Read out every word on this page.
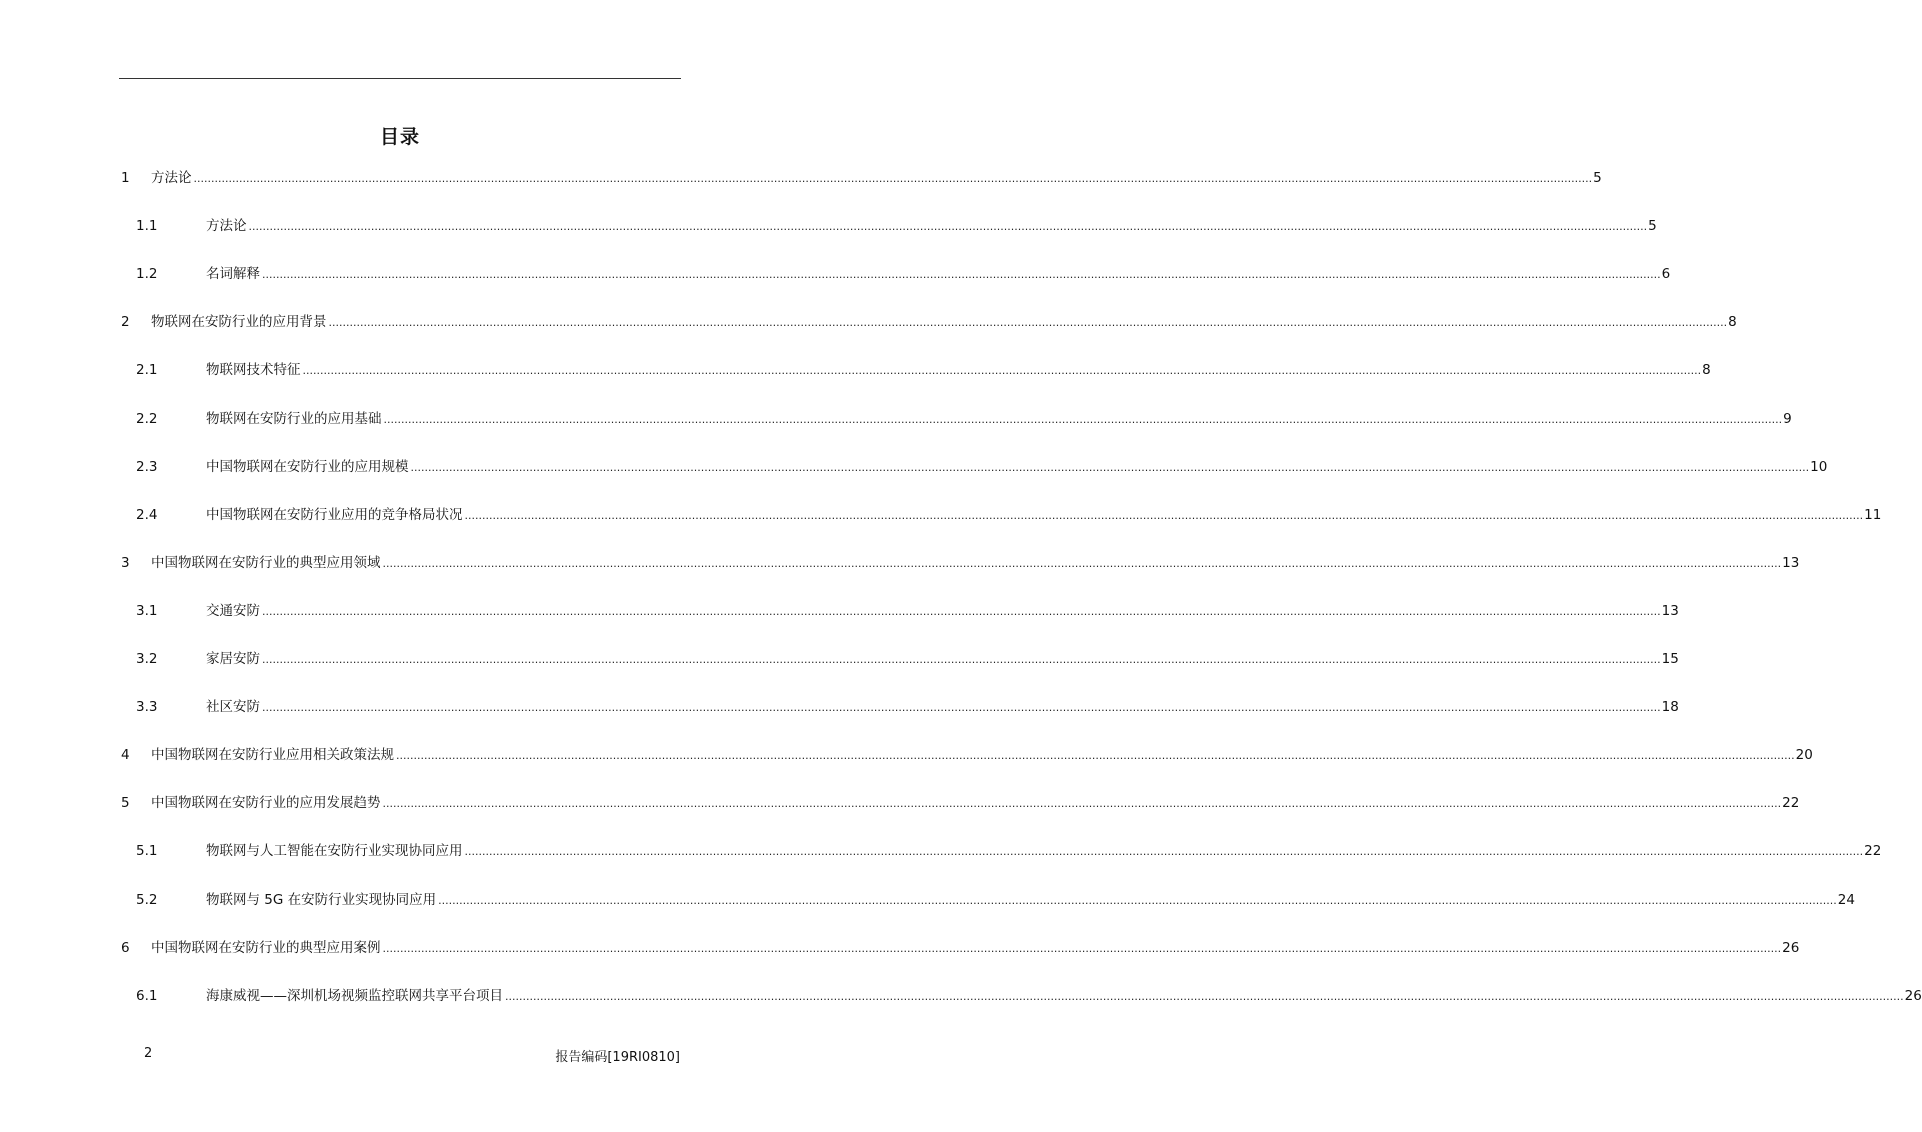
目录
1 方法论 ................................................................................................................................................................................................................................................................................................................................................................................................................ 5
1.1	方法论 ................................................................................................................................................................................................................................................................................................................................................................................................................ 5
1.2	名词解释 ................................................................................................................................................................................................................................................................................................................................................................................................................ 6
2 物联网在安防行业的应用背景 ................................................................................................................................................................................................................................................................................................................................................................................................................ 8
2.1	物联网技术特征 ................................................................................................................................................................................................................................................................................................................................................................................................................ 8
2.2	物联网在安防行业的应用基础 ................................................................................................................................................................................................................................................................................................................................................................................................................ 9
2.3	中国物联网在安防行业的应用规模 ................................................................................................................................................................................................................................................................................................................................................................................................................ 10
2.4	中国物联网在安防行业应用的竞争格局状况 ................................................................................................................................................................................................................................................................................................................................................................................................................ 11
3 中国物联网在安防行业的典型应用领域 ................................................................................................................................................................................................................................................................................................................................................................................................................ 13
3.1	交通安防 ................................................................................................................................................................................................................................................................................................................................................................................................................ 13
3.2	家居安防 ................................................................................................................................................................................................................................................................................................................................................................................................................ 15
3.3	社区安防 ................................................................................................................................................................................................................................................................................................................................................................................................................ 18
4 中国物联网在安防行业应用相关政策法规 ................................................................................................................................................................................................................................................................................................................................................................................................................ 20
5 中国物联网在安防行业的应用发展趋势 ................................................................................................................................................................................................................................................................................................................................................................................................................ 22
5.1	物联网与人工智能在安防行业实现协同应用 ................................................................................................................................................................................................................................................................................................................................................................................................................ 22
5.2	物联网与 5G 在安防行业实现协同应用 ................................................................................................................................................................................................................................................................................................................................................................................................................ 24
6 中国物联网在安防行业的典型应用案例 ................................................................................................................................................................................................................................................................................................................................................................................................................ 26
6.1	海康威视——深圳机场视频监控联网共享平台项目 ................................................................................................................................................................................................................................................................................................................................................................................................................ 26
2	报告编码[19RI0810]
